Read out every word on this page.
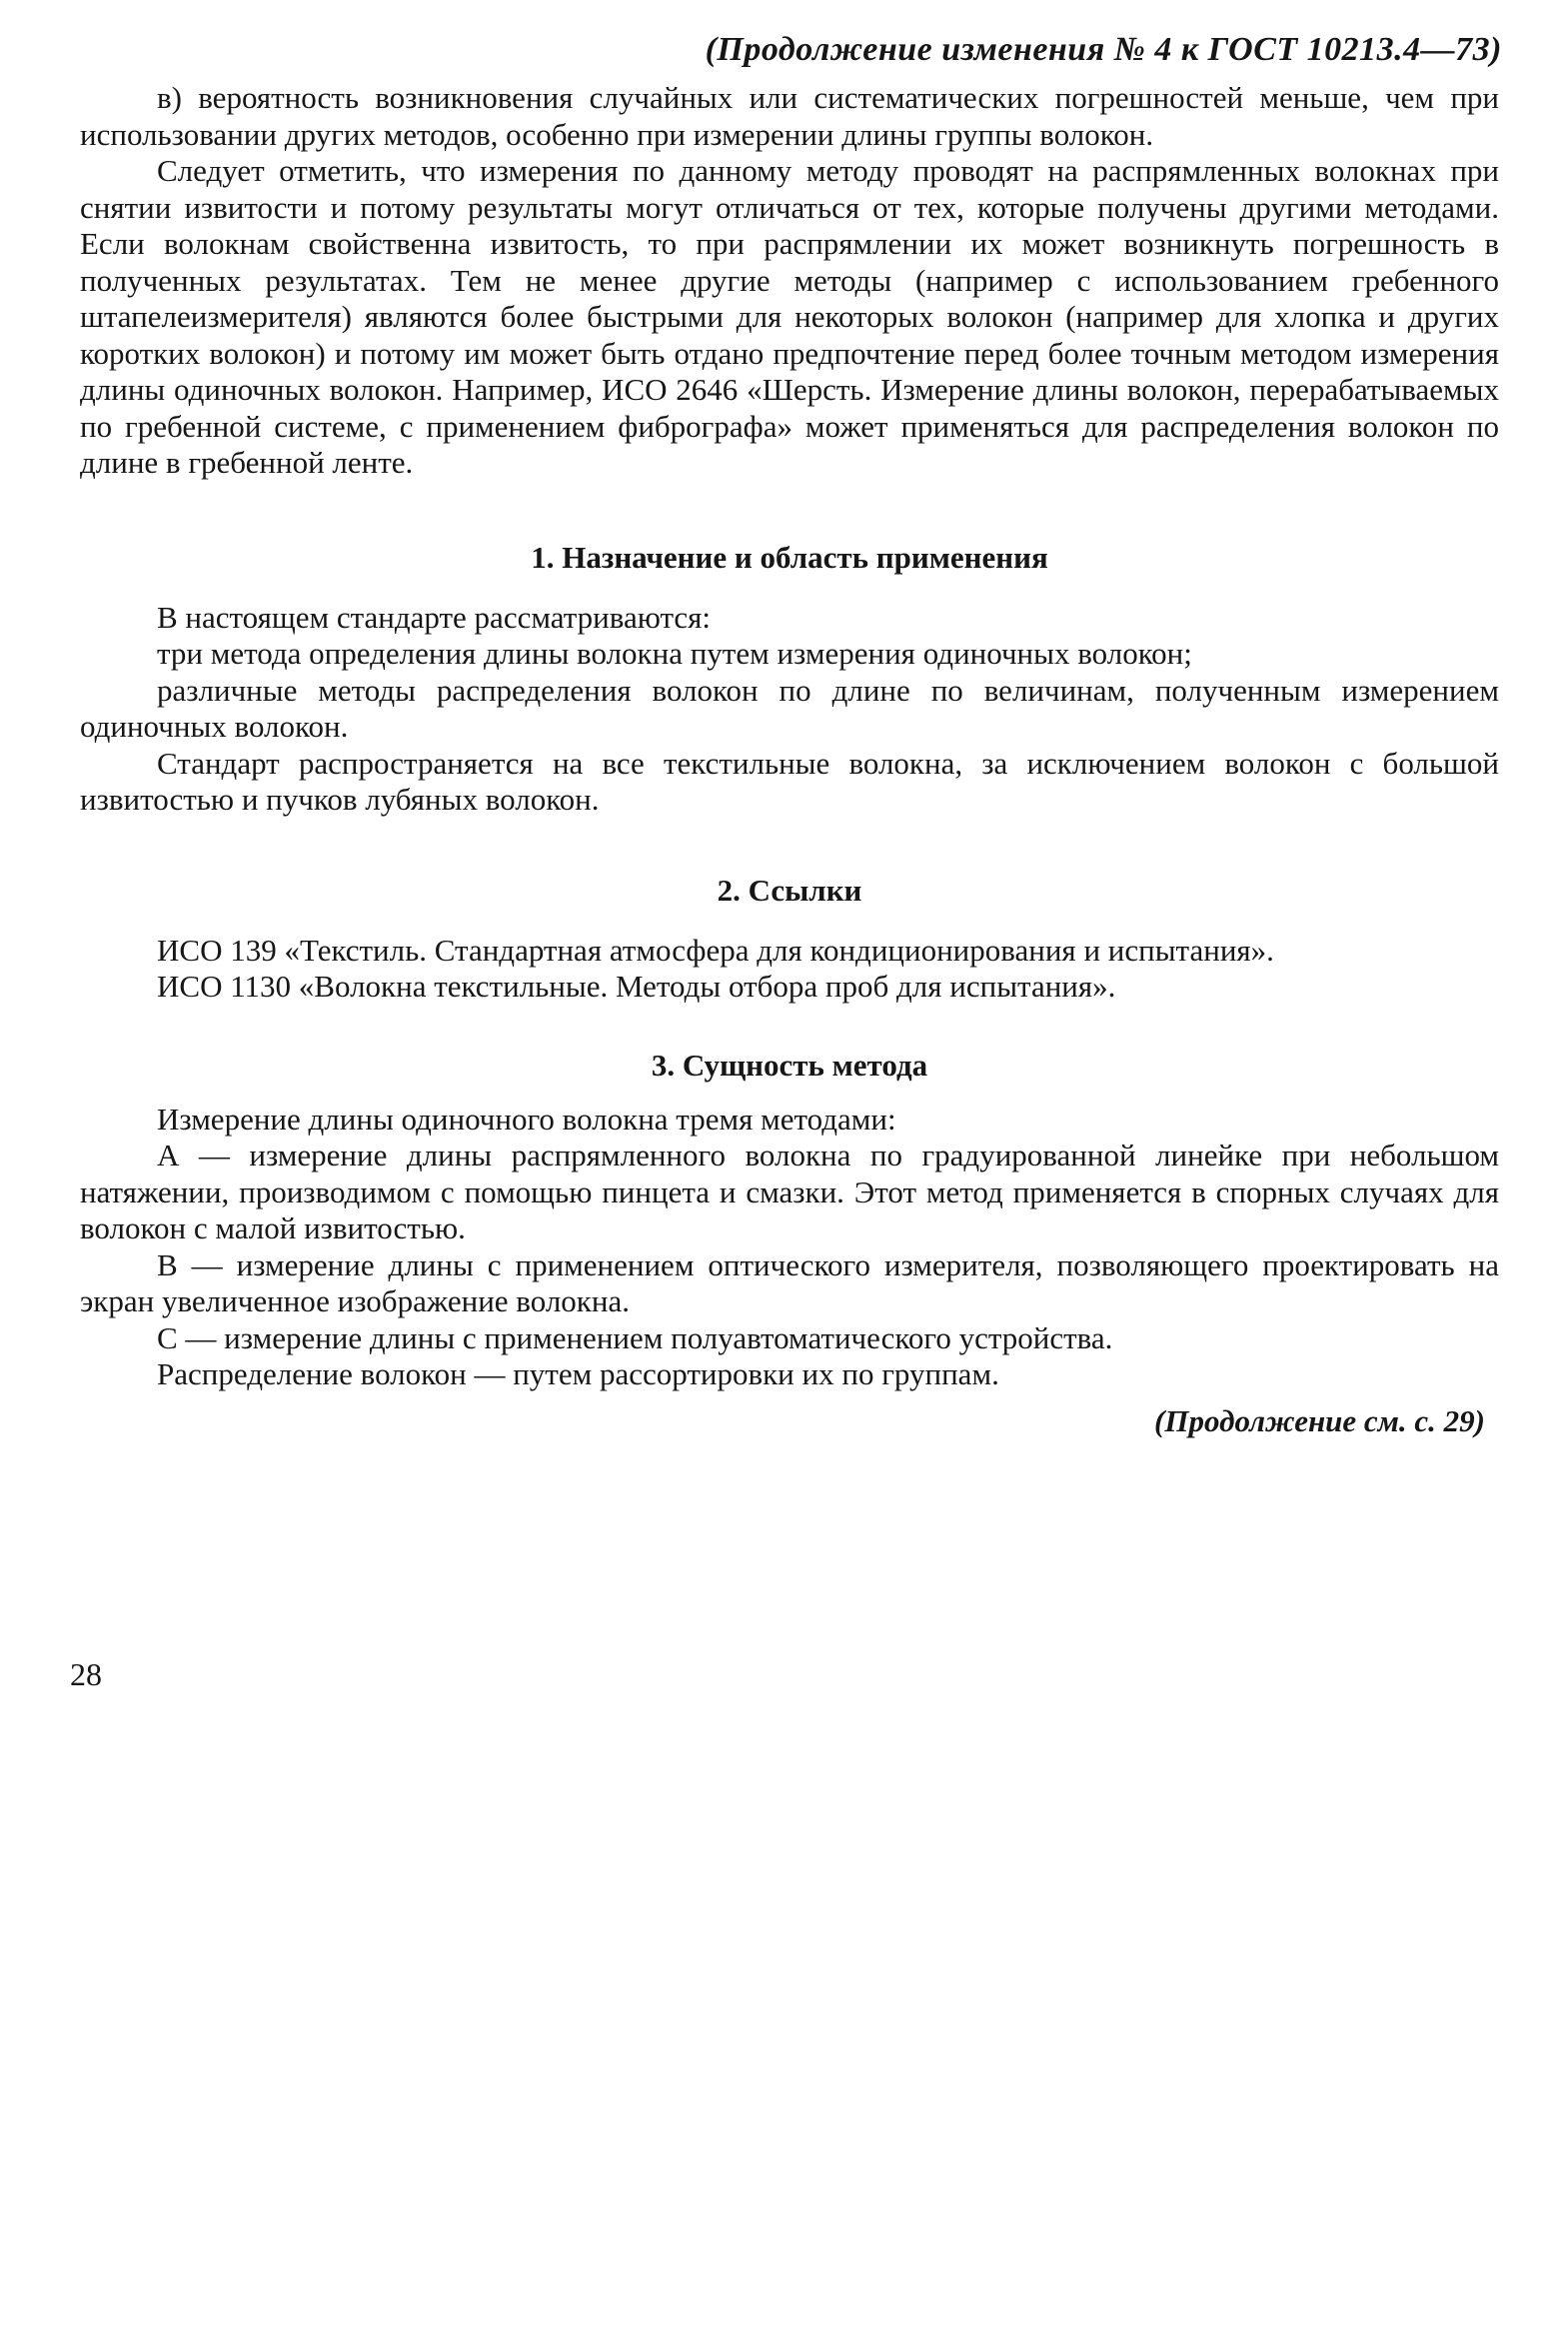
(Продолжение изменения № 4 к ГОСТ 10213.4—73)

в) вероятность возникновения случайных или систематических погрешностей меньше, чем при использовании других методов, особенно при измерении длины группы волокон.

Следует отметить, что измерения по данному методу проводят на распрямленных волокнах при снятии извитости и потому результаты могут отличаться от тех, которые получены другими методами. Если волокнам свойственна извитость, то при распрямлении их может возникнуть погрешность в полученных результатах. Тем не менее другие методы (например с использованием гребенного штапелеизмерителя) являются более быстрыми для некоторых волокон (например для хлопка и других коротких волокон) и потому им может быть отдано предпочтение перед более точным методом измерения длины одиночных волокон. Например, ИСО 2646 «Шерсть. Измерение длины волокон, перерабатываемых по гребенной системе, с применением фибрографа» может применяться для распределения волокон по длине в гребенной ленте.

1. Назначение и область применения

В настоящем стандарте рассматриваются:

три метода определения длины волокна путем измерения одиночных волокон;

различные методы распределения волокон по длине по величинам, полученным измерением одиночных волокон.

Стандарт распространяется на все текстильные волокна, за исключением волокон с большой извитостью и пучков лубяных волокон.

2. Ссылки

ИСО 139 «Текстиль. Стандартная атмосфера для кондиционирования и испытания».

ИСО 1130 «Волокна текстильные. Методы отбора проб для испытания».

3. Сущность метода

Измерение длины одиночного волокна тремя методами:

А — измерение длины распрямленного волокна по градуированной линейке при небольшом натяжении, производимом с помощью пинцета и смазки. Этот метод применяется в спорных случаях для волокон с малой извитостью.

В — измерение длины с применением оптического измерителя, позволяющего проектировать на экран увеличенное изображение волокна.

С — измерение длины с применением полуавтоматического устройства.

Распределение волокон — путем рассортировки их по группам.

(Продолжение см. с. 29)
28
